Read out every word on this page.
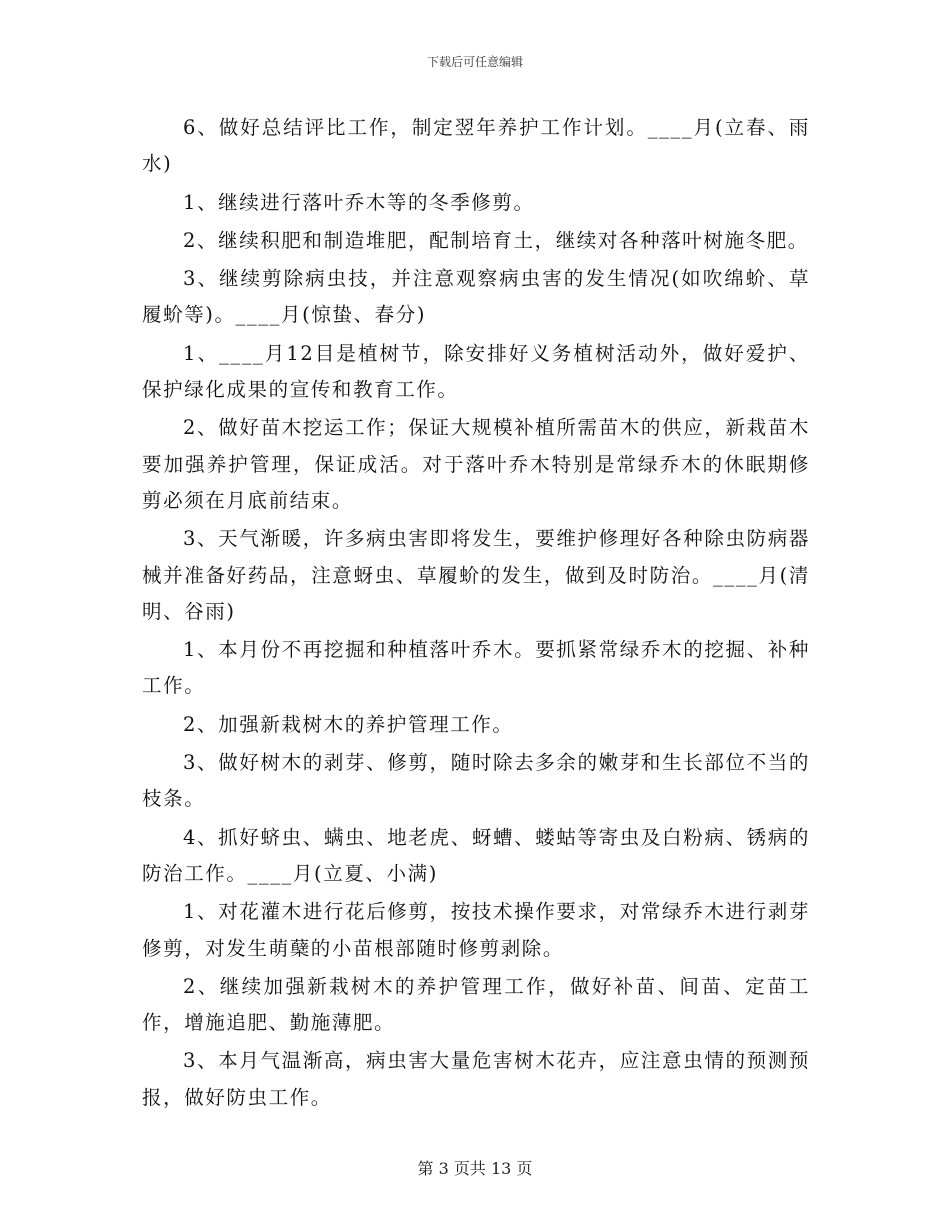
下载后可任意编辑

6、做好总结评比工作，制定翌年养护工作计划。____月(立春、雨水)

1、继续进行落叶乔木等的冬季修剪。

2、继续积肥和制造堆肥，配制培育土，继续对各种落叶树施冬肥。

3、继续剪除病虫技，并注意观察病虫害的发生情况(如吹绵蚧、草履蚧等)。____月(惊蛰、春分)

1、____月12目是植树节，除安排好义务植树活动外，做好爱护、保护绿化成果的宣传和教育工作。

2、做好苗木挖运工作；保证大规模补植所需苗木的供应，新栽苗木要加强养护管理，保证成活。对于落叶乔木特别是常绿乔木的休眠期修剪必须在月底前结束。

3、天气渐暖，许多病虫害即将发生，要维护修理好各种除虫防病器械并准备好药品，注意蚜虫、草履蚧的发生，做到及时防治。____月(清明、谷雨)

1、本月份不再挖掘和种植落叶乔木。要抓紧常绿乔木的挖掘、补种工作。

2、加强新栽树木的养护管理工作。

3、做好树木的剥芽、修剪，随时除去多余的嫩芽和生长部位不当的枝条。

4、抓好蛴虫、螨虫、地老虎、蚜螬、蝼蛄等寄虫及白粉病、锈病的防治工作。____月(立夏、小满)

1、对花灌木进行花后修剪，按技术操作要求，对常绿乔木进行剥芽修剪，对发生萌蘖的小苗根部随时修剪剥除。

2、继续加强新栽树木的养护管理工作，做好补苗、间苗、定苗工作，增施追肥、勤施薄肥。

3、本月气温渐高，病虫害大量危害树木花卉，应注意虫情的预测预报，做好防虫工作。

第 3 页共 13 页
